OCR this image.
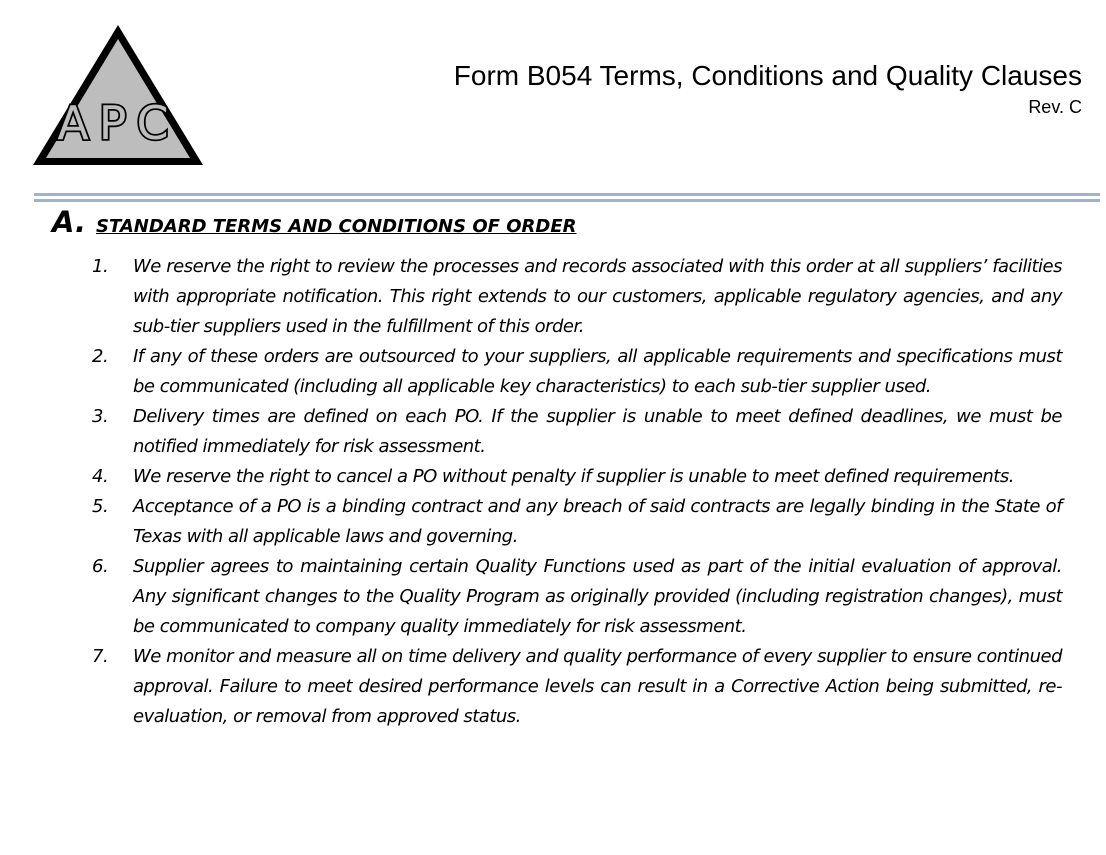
APC
Form B054 Terms, Conditions and Quality Clauses
Rev. C
A. STANDARD TERMS AND CONDITIONS OF ORDER
1.	We reserve the right to review the processes and records associated with this order at all suppliers’ facilities with appropriate notification. This right extends to our customers, applicable regulatory agencies, and any sub-tier suppliers used in the fulfillment of this order.
2.	If any of these orders are outsourced to your suppliers, all applicable requirements and specifications must be communicated (including all applicable key characteristics) to each sub-tier supplier used.
3.	Delivery times are defined on each PO. If the supplier is unable to meet defined deadlines, we must be notified immediately for risk assessment.
4.	We reserve the right to cancel a PO without penalty if supplier is unable to meet defined requirements.
5.	Acceptance of a PO is a binding contract and any breach of said contracts are legally binding in the State of Texas with all applicable laws and governing.
6.	Supplier agrees to maintaining certain Quality Functions used as part of the initial evaluation of approval. Any significant changes to the Quality Program as originally provided (including registration changes), must be communicated to company quality immediately for risk assessment.
7.	We monitor and measure all on time delivery and quality performance of every supplier to ensure continued approval. Failure to meet desired performance levels can result in a Corrective Action being submitted, re-evaluation, or removal from approved status.
